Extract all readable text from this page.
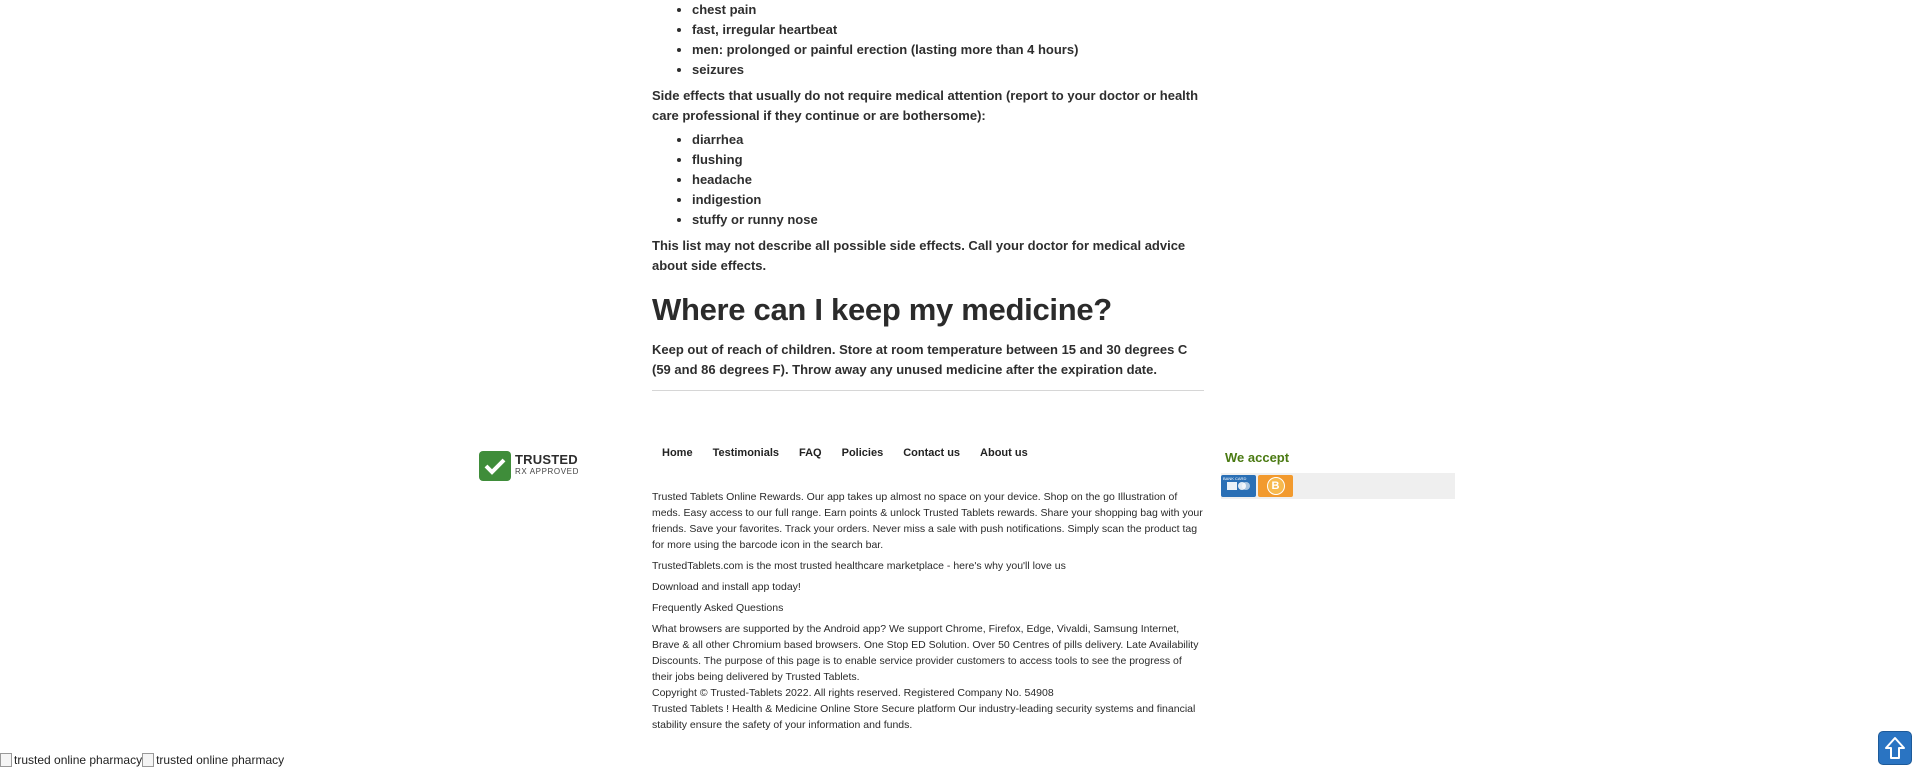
• chest pain
• fast, irregular heartbeat
• men: prolonged or painful erection (lasting more than 4 hours)
• seizures

Side effects that usually do not require medical attention (report to your doctor or health care professional if they continue or are bothersome):

• diarrhea
• flushing
• headache
• indigestion
• stuffy or runny nose

This list may not describe all possible side effects. Call your doctor for medical advice about side effects.

Where can I keep my medicine?

Keep out of reach of children. Store at room temperature between 15 and 30 degrees C (59 and 86 degrees F). Throw away any unused medicine after the expiration date.

TRUSTED
RX APPROVED
Home Testimonials FAQ Policies Contact us About us

Trusted Tablets Online Rewards. Our app takes up almost no space on your device. Shop on the go Illustration of meds. Easy access to our full range. Earn points & unlock Trusted Tablets rewards. Share your shopping bag with your friends. Save your favorites. Track your orders. Never miss a sale with push notifications. Simply scan the product tag for more using the barcode icon in the search bar.

TrustedTablets.com is the most trusted healthcare marketplace - here's why you'll love us

Download and install app today!

Frequently Asked Questions

What browsers are supported by the Android app? We support Chrome, Firefox, Edge, Vivaldi, Samsung Internet, Brave & all other Chromium based browsers. One Stop ED Solution. Over 50 Centres of pills delivery. Late Availability Discounts. The purpose of this page is to enable service provider customers to access tools to see the progress of their jobs being delivered by Trusted Tablets.

Copyright © Trusted-Tablets 2022. All rights reserved. Registered Company No. 54908

Trusted Tablets ! Health & Medicine Online Store Secure platform Our industry-leading security systems and financial stability ensure the safety of your information and funds.

We accept
BANK CARD
B
trusted online pharmacy trusted online pharmacy
